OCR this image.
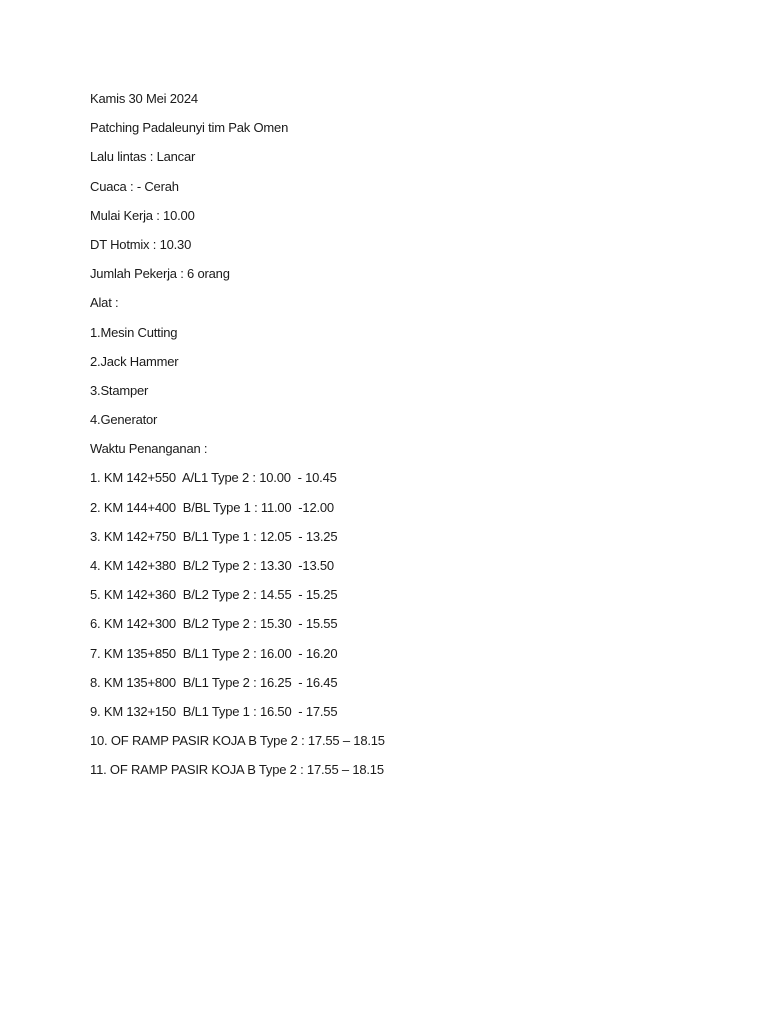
Kamis 30 Mei 2024
Patching Padaleunyi tim Pak Omen
Lalu lintas : Lancar
Cuaca : - Cerah
Mulai Kerja : 10.00
DT Hotmix : 10.30
Jumlah Pekerja : 6 orang
Alat :
1.Mesin Cutting
2.Jack Hammer
3.Stamper
4.Generator
Waktu Penanganan :
1. KM 142+550  A/L1 Type 2 : 10.00  - 10.45
2. KM 144+400  B/BL Type 1 : 11.00  -12.00
3. KM 142+750  B/L1 Type 1 : 12.05  - 13.25
4. KM 142+380  B/L2 Type 2 : 13.30  -13.50
5. KM 142+360  B/L2 Type 2 : 14.55  - 15.25
6. KM 142+300  B/L2 Type 2 : 15.30  - 15.55
7. KM 135+850  B/L1 Type 2 : 16.00  - 16.20
8. KM 135+800  B/L1 Type 2 : 16.25  - 16.45
9. KM 132+150  B/L1 Type 1 : 16.50  - 17.55
10. OF RAMP PASIR KOJA B Type 2 : 17.55 – 18.15
11. OF RAMP PASIR KOJA B Type 2 : 17.55 – 18.15
